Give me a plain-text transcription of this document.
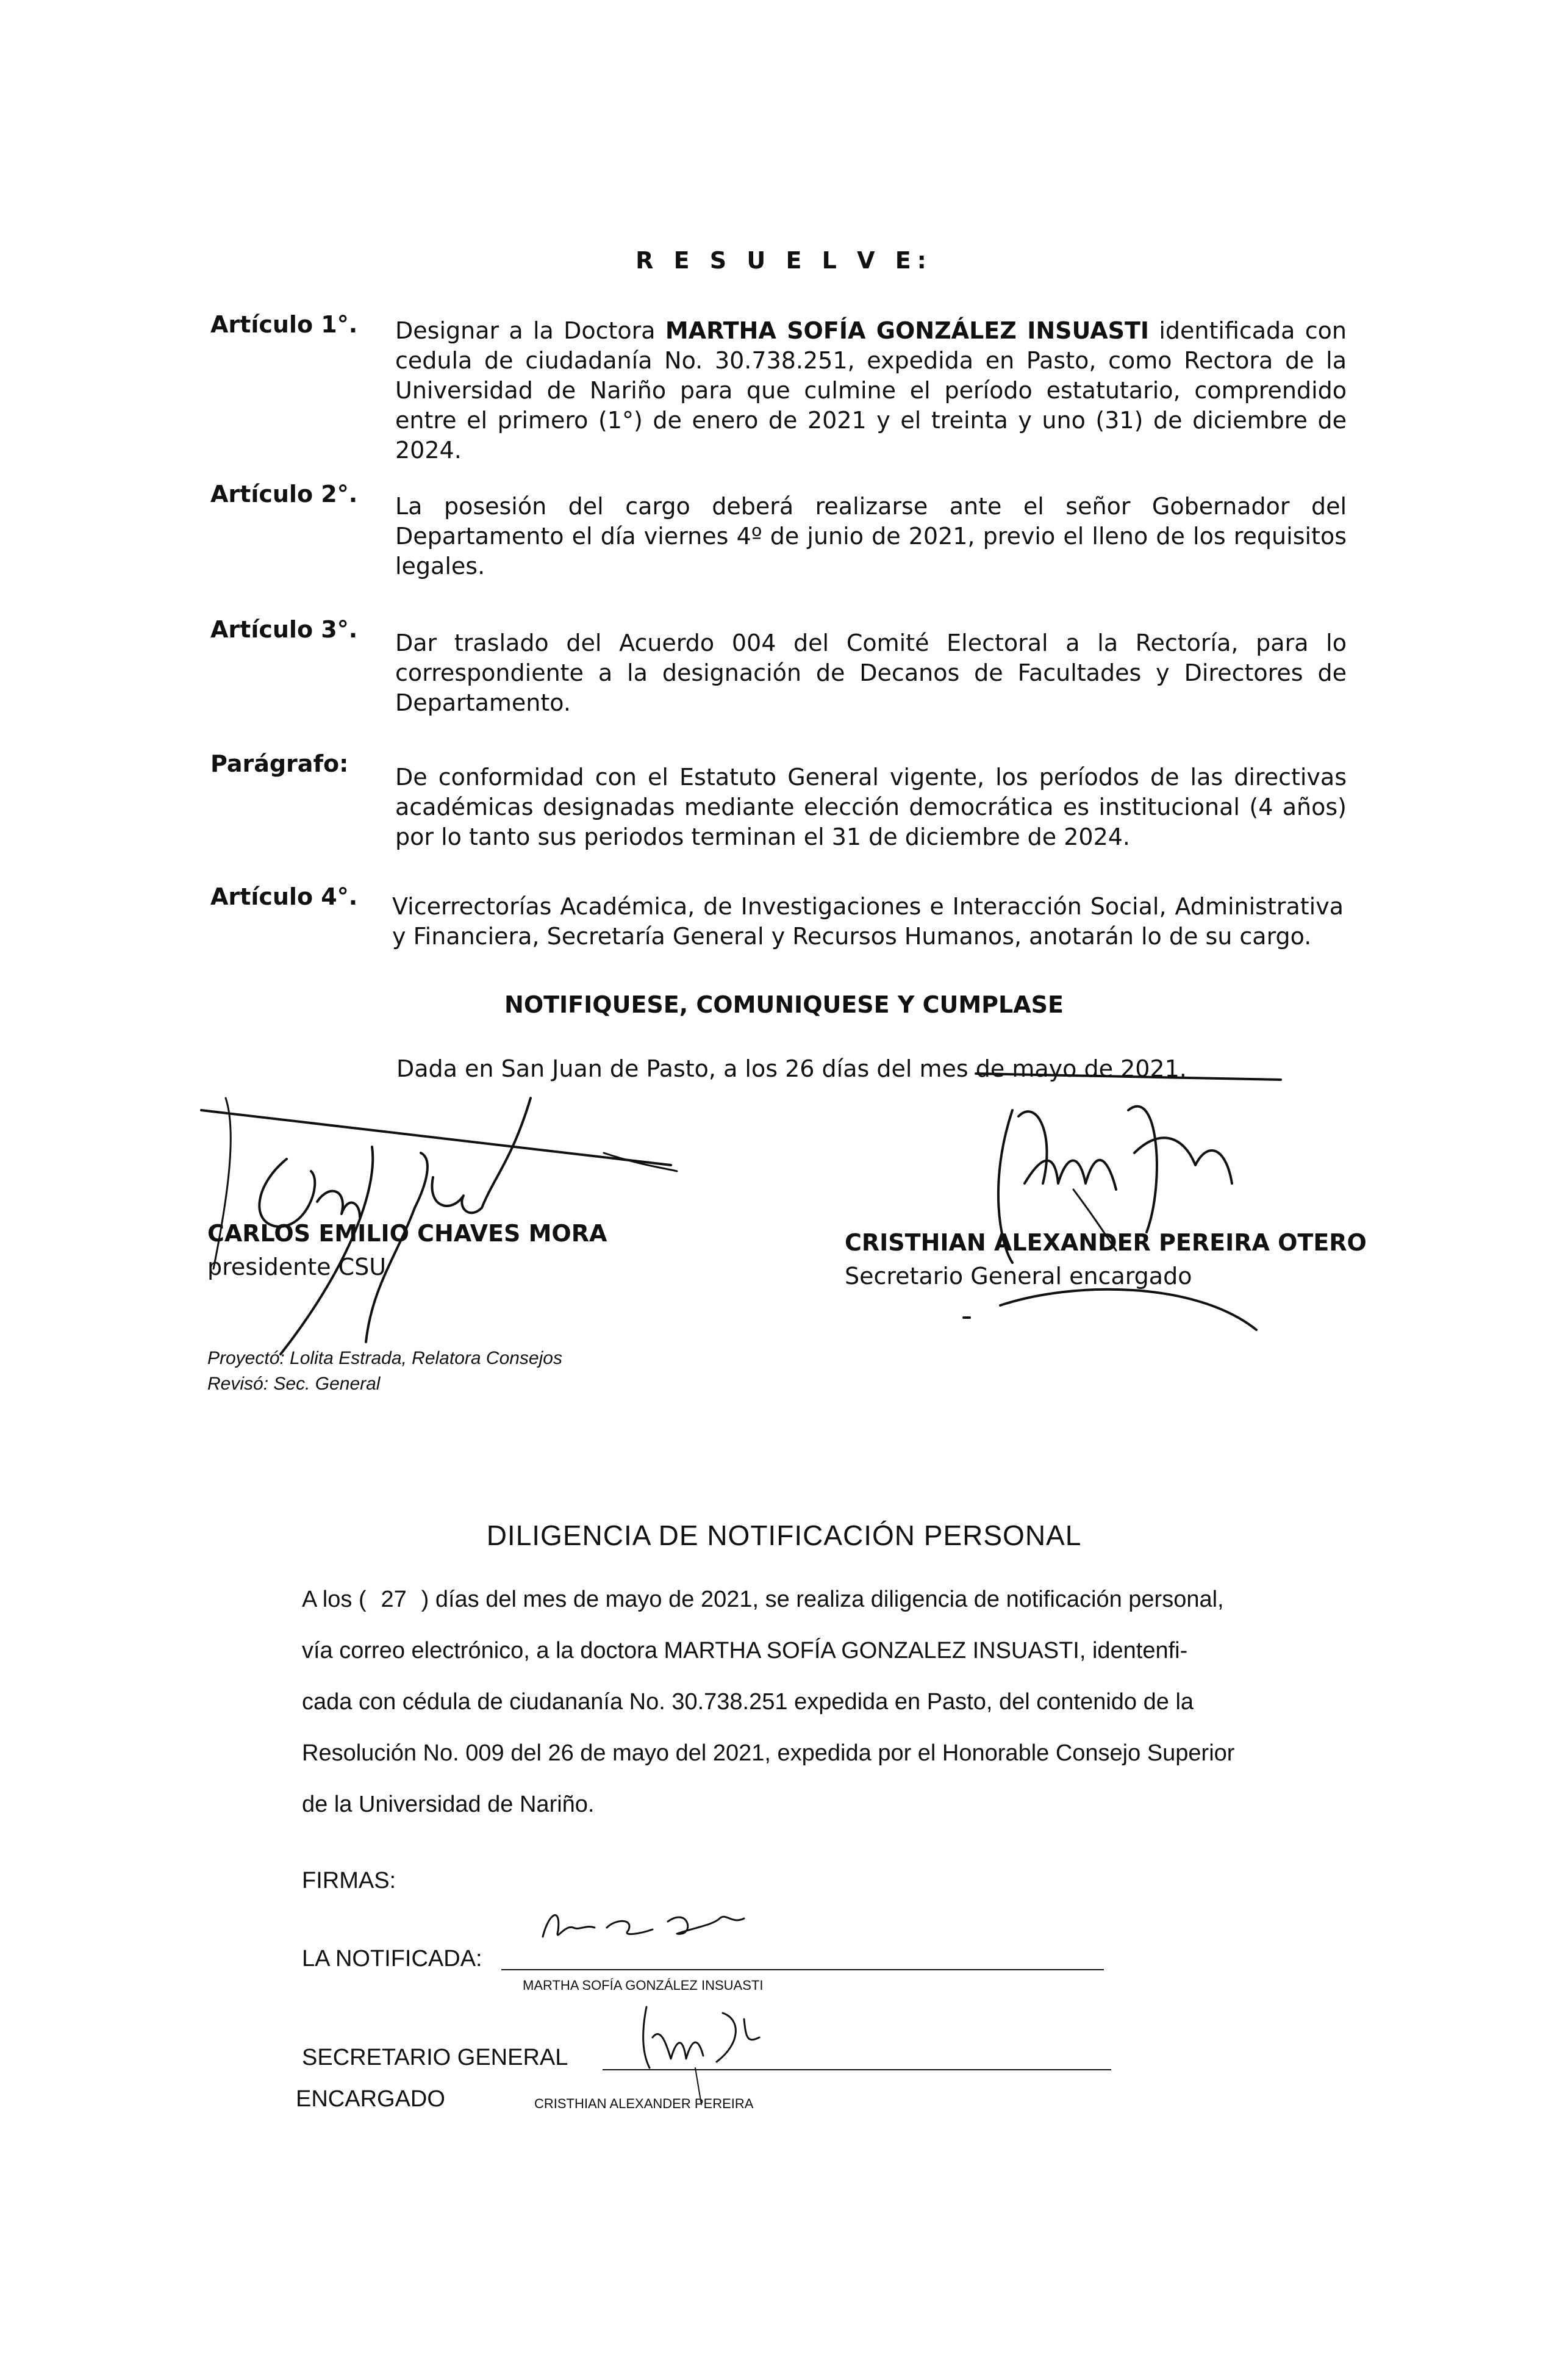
R E S U E L V E:
Artículo 1°. Designar a la Doctora MARTHA SOFÍA GONZÁLEZ INSUASTI identificada con cedula de ciudadanía No. 30.738.251, expedida en Pasto, como Rectora de la Universidad de Nariño para que culmine el período estatutario, comprendido entre el primero (1°) de enero de 2021 y el treinta y uno (31) de diciembre de 2024.
Artículo 2°. La posesión del cargo deberá realizarse ante el señor Gobernador del Departamento el día viernes 4º de junio de 2021, previo el lleno de los requisitos legales.
Artículo 3°. Dar traslado del Acuerdo 004 del Comité Electoral a la Rectoría, para lo correspondiente a la designación de Decanos de Facultades y Directores de Departamento.
Parágrafo: De conformidad con el Estatuto General vigente, los períodos de las directivas académicas designadas mediante elección democrática es institucional (4 años) por lo tanto sus periodos terminan el 31 de diciembre de 2024.
Artículo 4°. Vicerrectorías Académica, de Investigaciones e Interacción Social, Administrativa y Financiera, Secretaría General y Recursos Humanos, anotarán lo de su cargo.
NOTIFIQUESE, COMUNIQUESE Y CUMPLASE
Dada en San Juan de Pasto, a los 26 días del mes de mayo de 2021.
CARLOS EMILIO CHAVES MORA
presidente CSU
CRISTHIAN ALEXANDER PEREIRA OTERO
Secretario General encargado
Proyectó: Lolita Estrada, Relatora Consejos
Revisó: Sec. General
DILIGENCIA DE NOTIFICACIÓN PERSONAL
A los ( 27 ) días del mes de mayo de 2021, se realiza diligencia de notificación personal,
vía correo electrónico, a la doctora MARTHA SOFÍA GONZALEZ INSUASTI, identenfi-
cada con cédula de ciudananía No. 30.738.251 expedida en Pasto, del contenido de la
Resolución No. 009 del 26 de mayo del 2021, expedida por el Honorable Consejo Superior
de la Universidad de Nariño.
FIRMAS:
LA NOTIFICADA:
MARTHA SOFÍA GONZÁLEZ INSUASTI
SECRETARIO GENERAL
ENCARGADO	CRISTHIAN ALEXANDER PEREIRA
